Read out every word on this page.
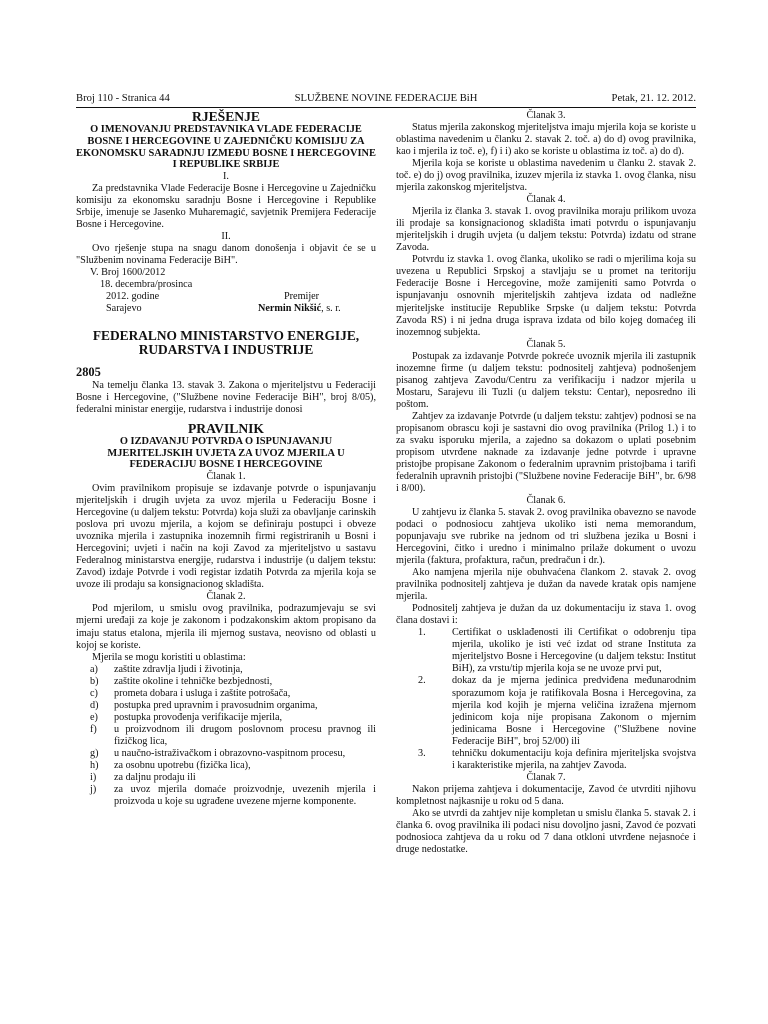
Broj 110 - Stranica 44	SLUŽBENE NOVINE FEDERACIJE BiH	Petak, 21. 12. 2012.
RJEŠENJE
O IMENOVANJU PREDSTAVNIKA VLADE FEDERACIJE BOSNE I HERCEGOVINE U ZAJEDNIČKU KOMISIJU ZA EKONOMSKU SARADNJU IZMEĐU BOSNE I HERCEGOVINE I REPUBLIKE SRBIJE

I.

Za predstavnika Vlade Federacije Bosne i Hercegovine u Zajedničku komisiju za ekonomsku saradnju Bosne i Hercegovine i Republike Srbije, imenuje se Jasenko Muharemagić, savjetnik Premijera Federacije Bosne i Hercegovine.

II.

Ovo rješenje stupa na snagu danom donošenja i objavit će se u "Službenim novinama Federacije BiH".

V. Broj 1600/2012
18. decembra/prosinca
2012. godine
Sarajevo
Premijer
Nermin Nikšić, s. r.
FEDERALNO MINISTARSTVO ENERGIJE, RUDARSTVA I INDUSTRIJE
2805

Na temelju članka 13. stavak 3. Zakona o mjeriteljstvu u Federaciji Bosne i Hercegovine, ("Službene novine Federacije BiH", broj 8/05), federalni ministar energije, rudarstva i industrije donosi

PRAVILNIK
O IZDAVANJU POTVRDA O ISPUNJAVANJU MJERITELJSKIH UVJETA ZA UVOZ MJERILA U FEDERACIJU BOSNE I HERCEGOVINE

Članak 1.

Ovim pravilnikom propisuje se izdavanje potvrde o ispunjavanju mjeriteljskih i drugih uvjeta za uvoz mjerila u Federaciju Bosne i Hercegovine (u daljem tekstu: Potvrda) koja služi za obavljanje carinskih poslova pri uvozu mjerila, a kojom se definiraju postupci i obveze uvoznika mjerila i zastupnika inozemnih firmi registriranih u Bosni i Hercegovini; uvjeti i način na koji Zavod za mjeriteljstvo u sastavu Federalnog ministarstva energije, rudarstva i industrije (u daljem tekstu: Zavod) izdaje Potvrde i vodi registar izdatih Potvrda za mjerila koja se uvoze ili prodaju sa konsignacionog skladišta.

Članak 2.

Pod mjerilom, u smislu ovog pravilnika, podrazumjevaju se svi mjerni uređaji za koje je zakonom i podzakonskim aktom propisano da imaju status etalona, mjerila ili mjernog sustava, neovisno od oblasti u kojoj se koriste.

Mjerila se mogu koristiti u oblastima:

a)	zaštite zdravlja ljudi i životinja,
b)	zaštite okoline i tehničke bezbjednosti,
c)	prometa dobara i usluga i zaštite potrošača,
d)	postupka pred upravnim i pravosudnim organima,
e)	postupka provođenja verifikacije mjerila,
f)	u proizvodnom ili drugom poslovnom procesu pravnog ili fizičkog lica,
g)	u naučno-istraživačkom i obrazovno-vaspitnom procesu,
h)	za osobnu upotrebu (fizička lica),
i)	za daljnu prodaju ili
j)	za uvoz mjerila domaće proizvodnje, uvezenih mjerila i proizvoda u koje su ugrađene uvezene mjerne komponente.

Članak 3.

Status mjerila zakonskog mjeriteljstva imaju mjerila koja se koriste u oblastima navedenim u članku 2. stavak 2. toč. a) do d) ovog pravilnika, kao i mjerila iz toč. e), f) i i) ako se koriste u oblastima iz toč. a) do d).

Mjerila koja se koriste u oblastima navedenim u članku 2. stavak 2. toč. e) do j) ovog pravilnika, izuzev mjerila iz stavka 1. ovog članka, nisu mjerila zakonskog mjeriteljstva.

Članak 4.

Mjerila iz članka 3. stavak 1. ovog pravilnika moraju prilikom uvoza ili prodaje sa konsignacionog skladišta imati potvrdu o ispunjavanju mjeriteljskih i drugih uvjeta (u daljem tekstu: Potvrda) izdatu od strane Zavoda.

Potvrdu iz stavka 1. ovog članka, ukoliko se radi o mjerilima koja su uvezena u Republici Srpskoj a stavljaju se u promet na teritoriju Federacije Bosne i Hercegovine, može zamijeniti samo Potvrda o ispunjavanju osnovnih mjeriteljskih zahtjeva izdata od nadležne mjeriteljske institucije Republike Srpske (u daljem tekstu: Potvrda Zavoda RS) i ni jedna druga isprava izdata od bilo kojeg domaćeg ili inozemnog subjekta.

Članak 5.

Postupak za izdavanje Potvrde pokreće uvoznik mjerila ili zastupnik inozemne firme (u daljem tekstu: podnositelj zahtjeva) podnošenjem pisanog zahtjeva Zavodu/Centru za verifikaciju i nadzor mjerila u Mostaru, Sarajevu ili Tuzli (u daljem tekstu: Centar), neposredno ili poštom.

Zahtjev za izdavanje Potvrde (u daljem tekstu: zahtjev) podnosi se na propisanom obrascu koji je sastavni dio ovog pravilnika (Prilog 1.) i to za svaku isporuku mjerila, a zajedno sa dokazom o uplati posebnim propisom utvrđene naknade za izdavanje jedne potvrde i upravne pristojbe propisane Zakonom o federalnim upravnim pristojbama i tarifi federalnih upravnih pristojbi ("Službene novine Federacije BiH", br. 6/98 i 8/00).

Članak 6.

U zahtjevu iz članka 5. stavak 2. ovog pravilnika obavezno se navode podaci o podnosiocu zahtjeva ukoliko isti nema memorandum, popunjavaju sve rubrike na jednom od tri službena jezika u Bosni i Hercegovini, čitko i uredno i minimalno prilaže dokument o uvozu mjerila (faktura, profaktura, račun, predračun i dr.).

Ako namjena mjerila nije obuhvaćena člankom 2. stavak 2. ovog pravilnika podnositelj zahtjeva je dužan da navede kratak opis namjene mjerila.

Podnositelj zahtjeva je dužan da uz dokumentaciju iz stava 1. ovog člana dostavi i:

1.	Certifikat o usklađenosti ili Certifikat o odobrenju tipa mjerila, ukoliko je isti već izdat od strane Instituta za mjeriteljstvo Bosne i Hercegovine (u daljem tekstu: Institut BiH), za vrstu/tip mjerila koja se ne uvoze prvi put,
2.	dokaz da je mjerna jedinica predviđena međunarodnim sporazumom koja je ratifikovala Bosna i Hercegovina, za mjerila kod kojih je mjerna veličina izražena mjernom jedinicom koja nije propisana Zakonom o mjernim jedinicama Bosne i Hercegovine ("Službene novine Federacije BiH", broj 52/00) ili
3.	tehničku dokumentaciju koja definira mjeriteljska svojstva i karakteristike mjerila, na zahtjev Zavoda.

Članak 7.

Nakon prijema zahtjeva i dokumentacije, Zavod će utvrditi njihovu kompletnost najkasnije u roku od 5 dana.

Ako se utvrdi da zahtjev nije kompletan u smislu članka 5. stavak 2. i članka 6. ovog pravilnika ili podaci nisu dovoljno jasni, Zavod će pozvati podnosioca zahtjeva da u roku od 7 dana otkloni utvrđene nejasnoće i druge nedostatke.
